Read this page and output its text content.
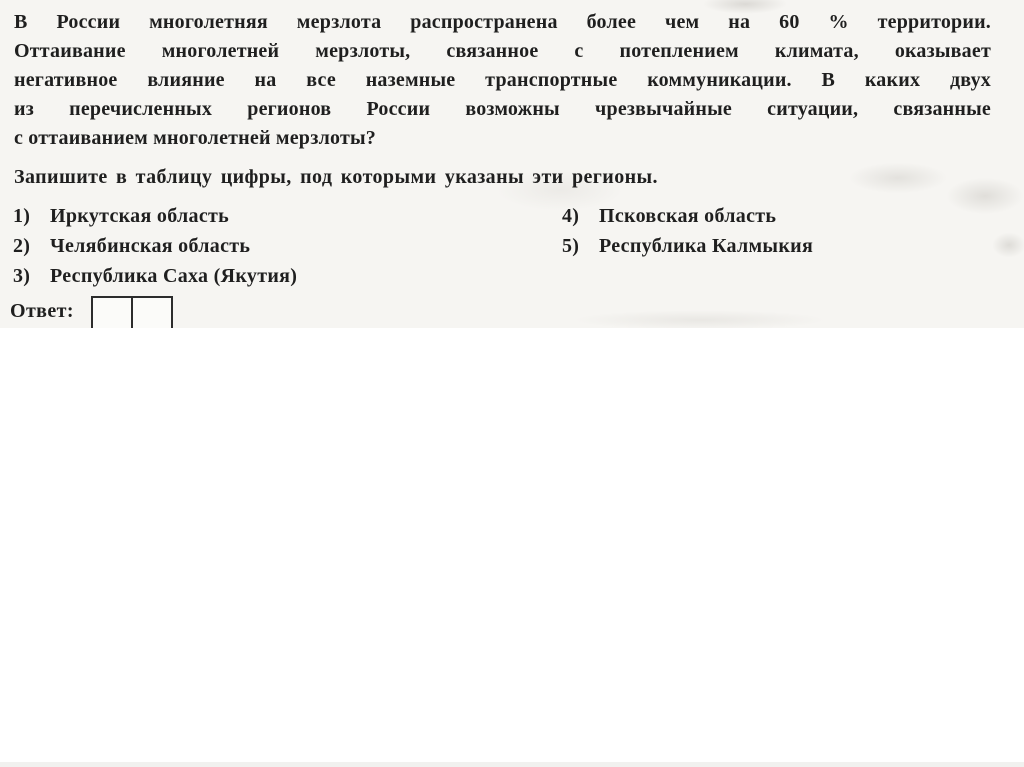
В России многолетняя мерзлота распространена более чем на 60 % территории.
Оттаивание многолетней мерзлоты, связанное с потеплением климата, оказывает
негативное влияние на все наземные транспортные коммуникации. В каких двух
из перечисленных регионов России возможны чрезвычайные ситуации, связанные
с оттаиванием многолетней мерзлоты?
Запишите в таблицу цифры, под которыми указаны эти регионы.
1) Иркутская область
2) Челябинская область
3) Республика Саха (Якутия)
4) Псковская область
5) Республика Калмыкия
Ответ:
